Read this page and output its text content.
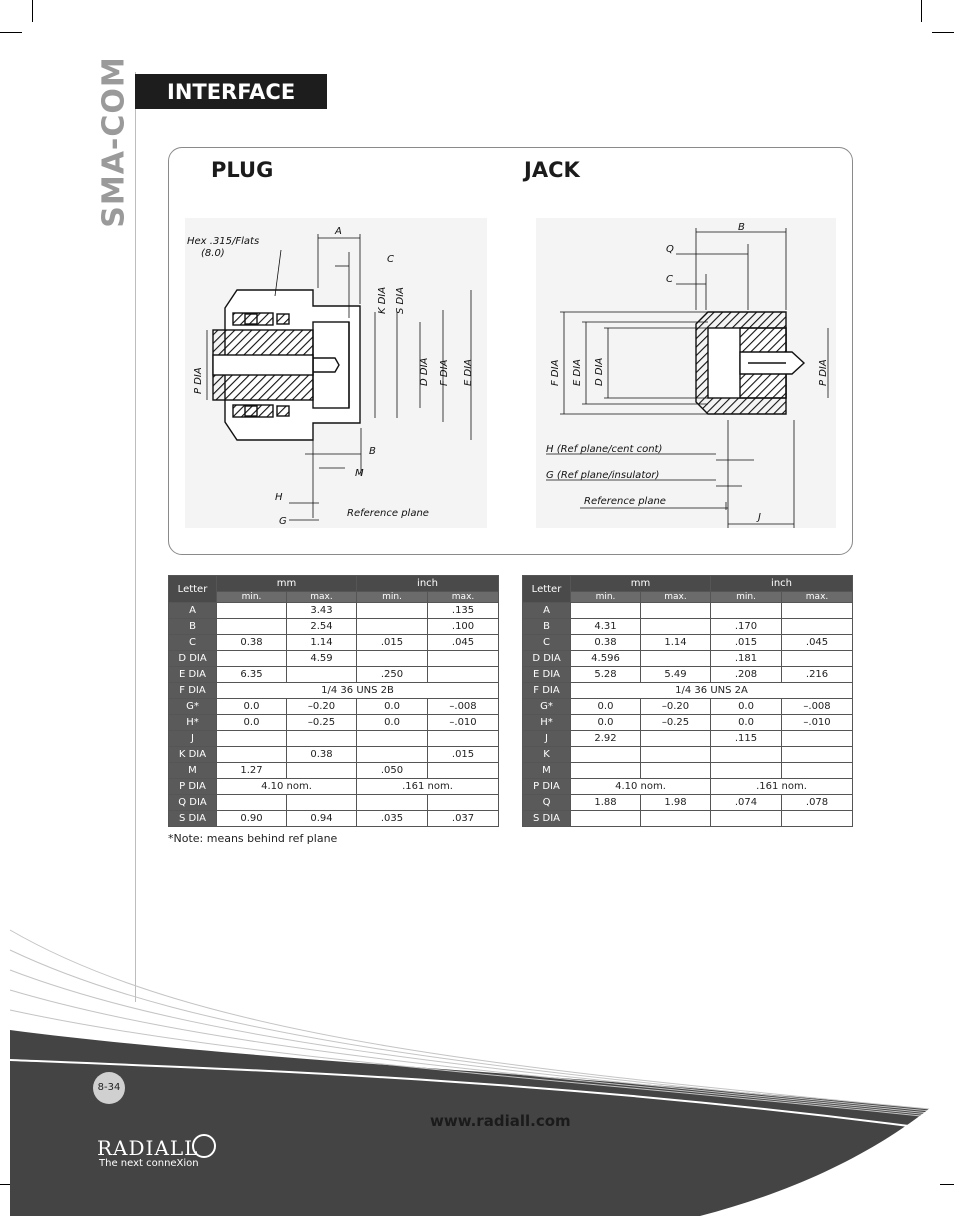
SMA-COM	INTERFACE
PLUG	JACK
Hex .315/Flats
(8.0)
A
C
K DIA S DIA
D DIA F DIA E DIA
P DIA
B
M
H
G
Reference plane
B
Q
C
F DIA E DIA D DIA	P DIA
H (Ref plane/cent cont)
G (Ref plane/insulator)
Reference plane
J
Letter	mm		inch	
	min.	max.	min.	max.
A		3.43		.135
B		2.54		.100
C	0.38	1.14	.015	.045
D DIA		4.59		
E DIA	6.35		.250	
F DIA	1/4 36 UNS 2B			
G*	0.0	–0.20	0.0	–.008
H*	0.0	–0.25	0.0	–.010
J				
K DIA		0.38		.015
M	1.27		.050	
P DIA	4.10 nom.		.161 nom.	
Q DIA				
S DIA	0.90	0.94	.035	.037
Letter	mm		inch	
	min.	max.	min.	max.
A				
B	4.31		.170	
C	0.38	1.14	.015	.045
D DIA	4.596		.181	
E DIA	5.28	5.49	.208	.216
F DIA	1/4 36 UNS 2A			
G*	0.0	–0.20	0.0	–.008
H*	0.0	–0.25	0.0	–.010
J	2.92		.115	
K				
M				
P DIA	4.10 nom.		.161 nom.	
Q	1.88	1.98	.074	.078
S DIA				
*Note: means behind ref plane
8-34
www.radiall.com
RADIALL
The next conneXion
